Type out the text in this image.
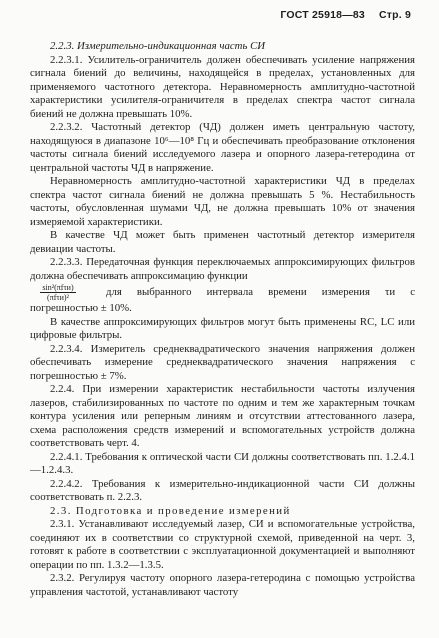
ГОСТ 25918—83 Стр. 9

2.2.3. Измерительно-индикационная часть СИ

2.2.3.1. Усилитель-ограничитель должен обеспечивать усиление напряжения сигнала биений до величины, находящейся в пределах, установленных для применяемого частотного детектора. Неравномерность амплитудно-частотной характеристики усилителя-ограничителя в пределах спектра частот сигнала биений не должна превышать 10%.

2.2.3.2. Частотный детектор (ЧД) должен иметь центральную частоту, находящуюся в диапазоне 10⁶—10⁸ Гц и обеспечивать преобразование отклонения частоты сигнала биений исследуемого лазера и опорного лазера-гетеродина от центральной частоты ЧД в напряжение.

Неравномерность амплитудно-частотной характеристики ЧД в пределах спектра частот сигнала биений не должна превышать 5 %. Нестабильность частоты, обусловленная шумами ЧД, не должна превышать 10% от значения измеряемой характеристики.

В качестве ЧД может быть применен частотный детектор измерителя девиации частоты.

2.2.3.3. Передаточная функция переключаемых аппроксимирующих фильтров должна обеспечивать аппроксимацию функции

$\frac{\text{sin²(πfτи)}}{\text{(πfτи)²}}$ для выбранного интервала времени измерения τи с

погрешностью ± 10%.

В качестве аппроксимирующих фильтров могут быть применены RC, LC или цифровые фильтры.

2.2.3.4. Измеритель среднеквадратического значения напряжения должен обеспечивать измерение среднеквадратического значения напряжения с погрешностью ± 7%.

2.2.4. При измерении характеристик нестабильности частоты излучения лазеров, стабилизированных по частоте по одним и тем же характерным точкам контура усиления или реперным линиям и отсутствии аттестованного лазера, схема расположения средств измерений и вспомогательных устройств должна соответствовать черт. 4.

2.2.4.1. Требования к оптической части СИ должны соответствовать пп. 1.2.4.1—1.2.4.3.

2.2.4.2. Требования к измерительно-индикационной части СИ должны соответствовать п. 2.2.3.

2.3. Подготовка и проведение измерений

2.3.1. Устанавливают исследуемый лазер, СИ и вспомогательные устройства, соединяют их в соответствии со структурной схемой, приведенной на черт. 3, готовят к работе в соответствии с эксплуатационной документацией и выполняют операции по пп. 1.3.2—1.3.5.

2.3.2. Регулируя частоту опорного лазера-гетеродина с помощью устройства управления частотой, устанавливают частоту
